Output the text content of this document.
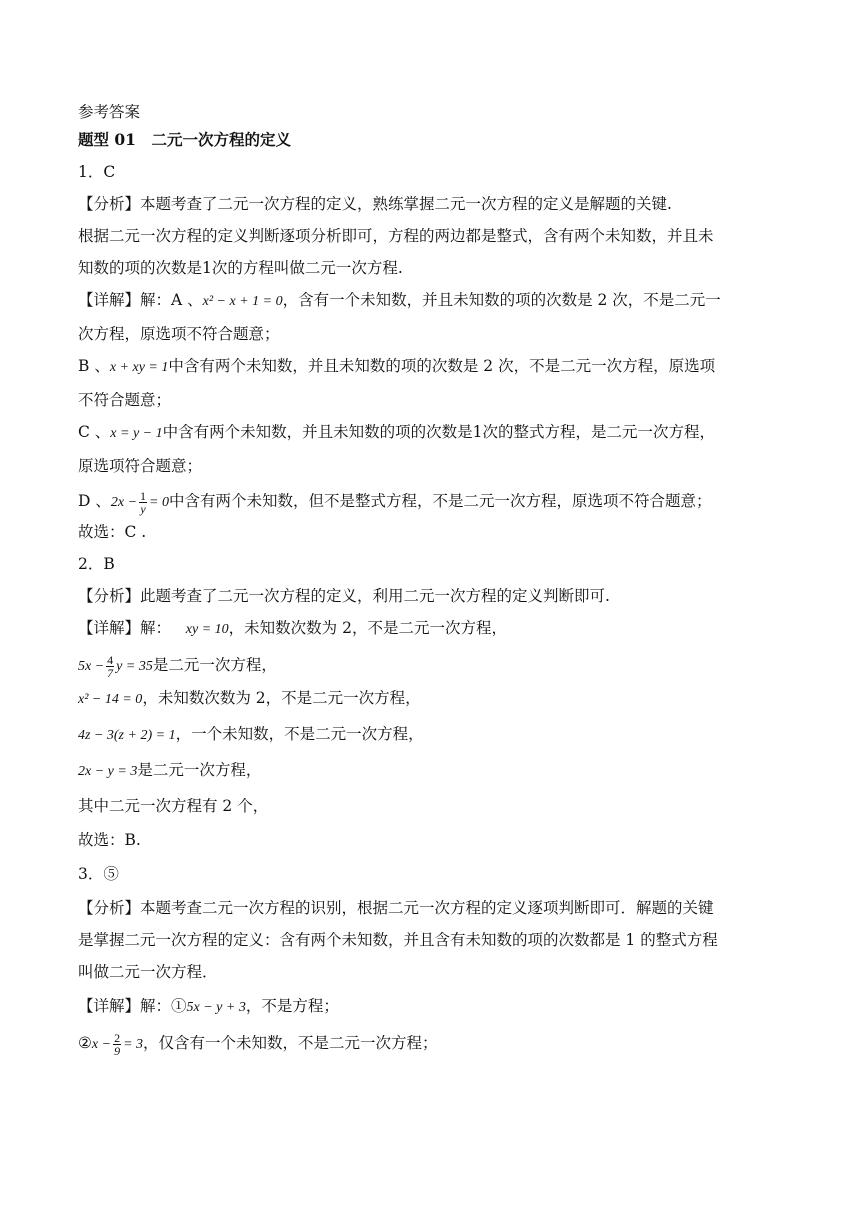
参考答案

题型 01　二元一次方程的定义

1．C

【分析】本题考查了二元一次方程的定义，熟练掌握二元一次方程的定义是解题的关键.

根据二元一次方程的定义判断逐项分析即可，方程的两边都是整式，含有两个未知数，并且未

知数的项的次数是1次的方程叫做二元一次方程.

【详解】解：A 、x² − x + 1 = 0，含有一个未知数，并且未知数的项的次数是 2 次，不是二元一

次方程，原选项不符合题意；

B 、x + xy = 1中含有两个未知数，并且未知数的项的次数是 2 次，不是二元一次方程，原选项

不符合题意；

C 、x = y − 1中含有两个未知数，并且未知数的项的次数是1次的整式方程，是二元一次方程，

原选项符合题意；

D 、$2x - \frac{1}{y} = 0$中含有两个未知数，但不是整式方程，不是二元一次方程，原选项不符合题意；

故选：C .

2．B

【分析】此题考查了二元一次方程的定义，利用二元一次方程的定义判断即可.

【详解】解： xy = 10，未知数次数为 2，不是二元一次方程，

$5x - \frac{4}{7}$ y = 35是二元一次方程，

x² − 14 = 0，未知数次数为 2，不是二元一次方程，

4z − 3(z + 2) = 1，一个未知数，不是二元一次方程，

2x − y = 3是二元一次方程，

其中二元一次方程有 2 个，

故选：B.

3．⑤

【分析】本题考查二元一次方程的识别，根据二元一次方程的定义逐项判断即可．解题的关键

是掌握二元一次方程的定义：含有两个未知数，并且含有未知数的项的次数都是 1 的整式方程

叫做二元一次方程．

【详解】解：①5x − y + 3，不是方程；

②x − $\frac{2}{9} = 3$，仅含有一个未知数，不是二元一次方程；
